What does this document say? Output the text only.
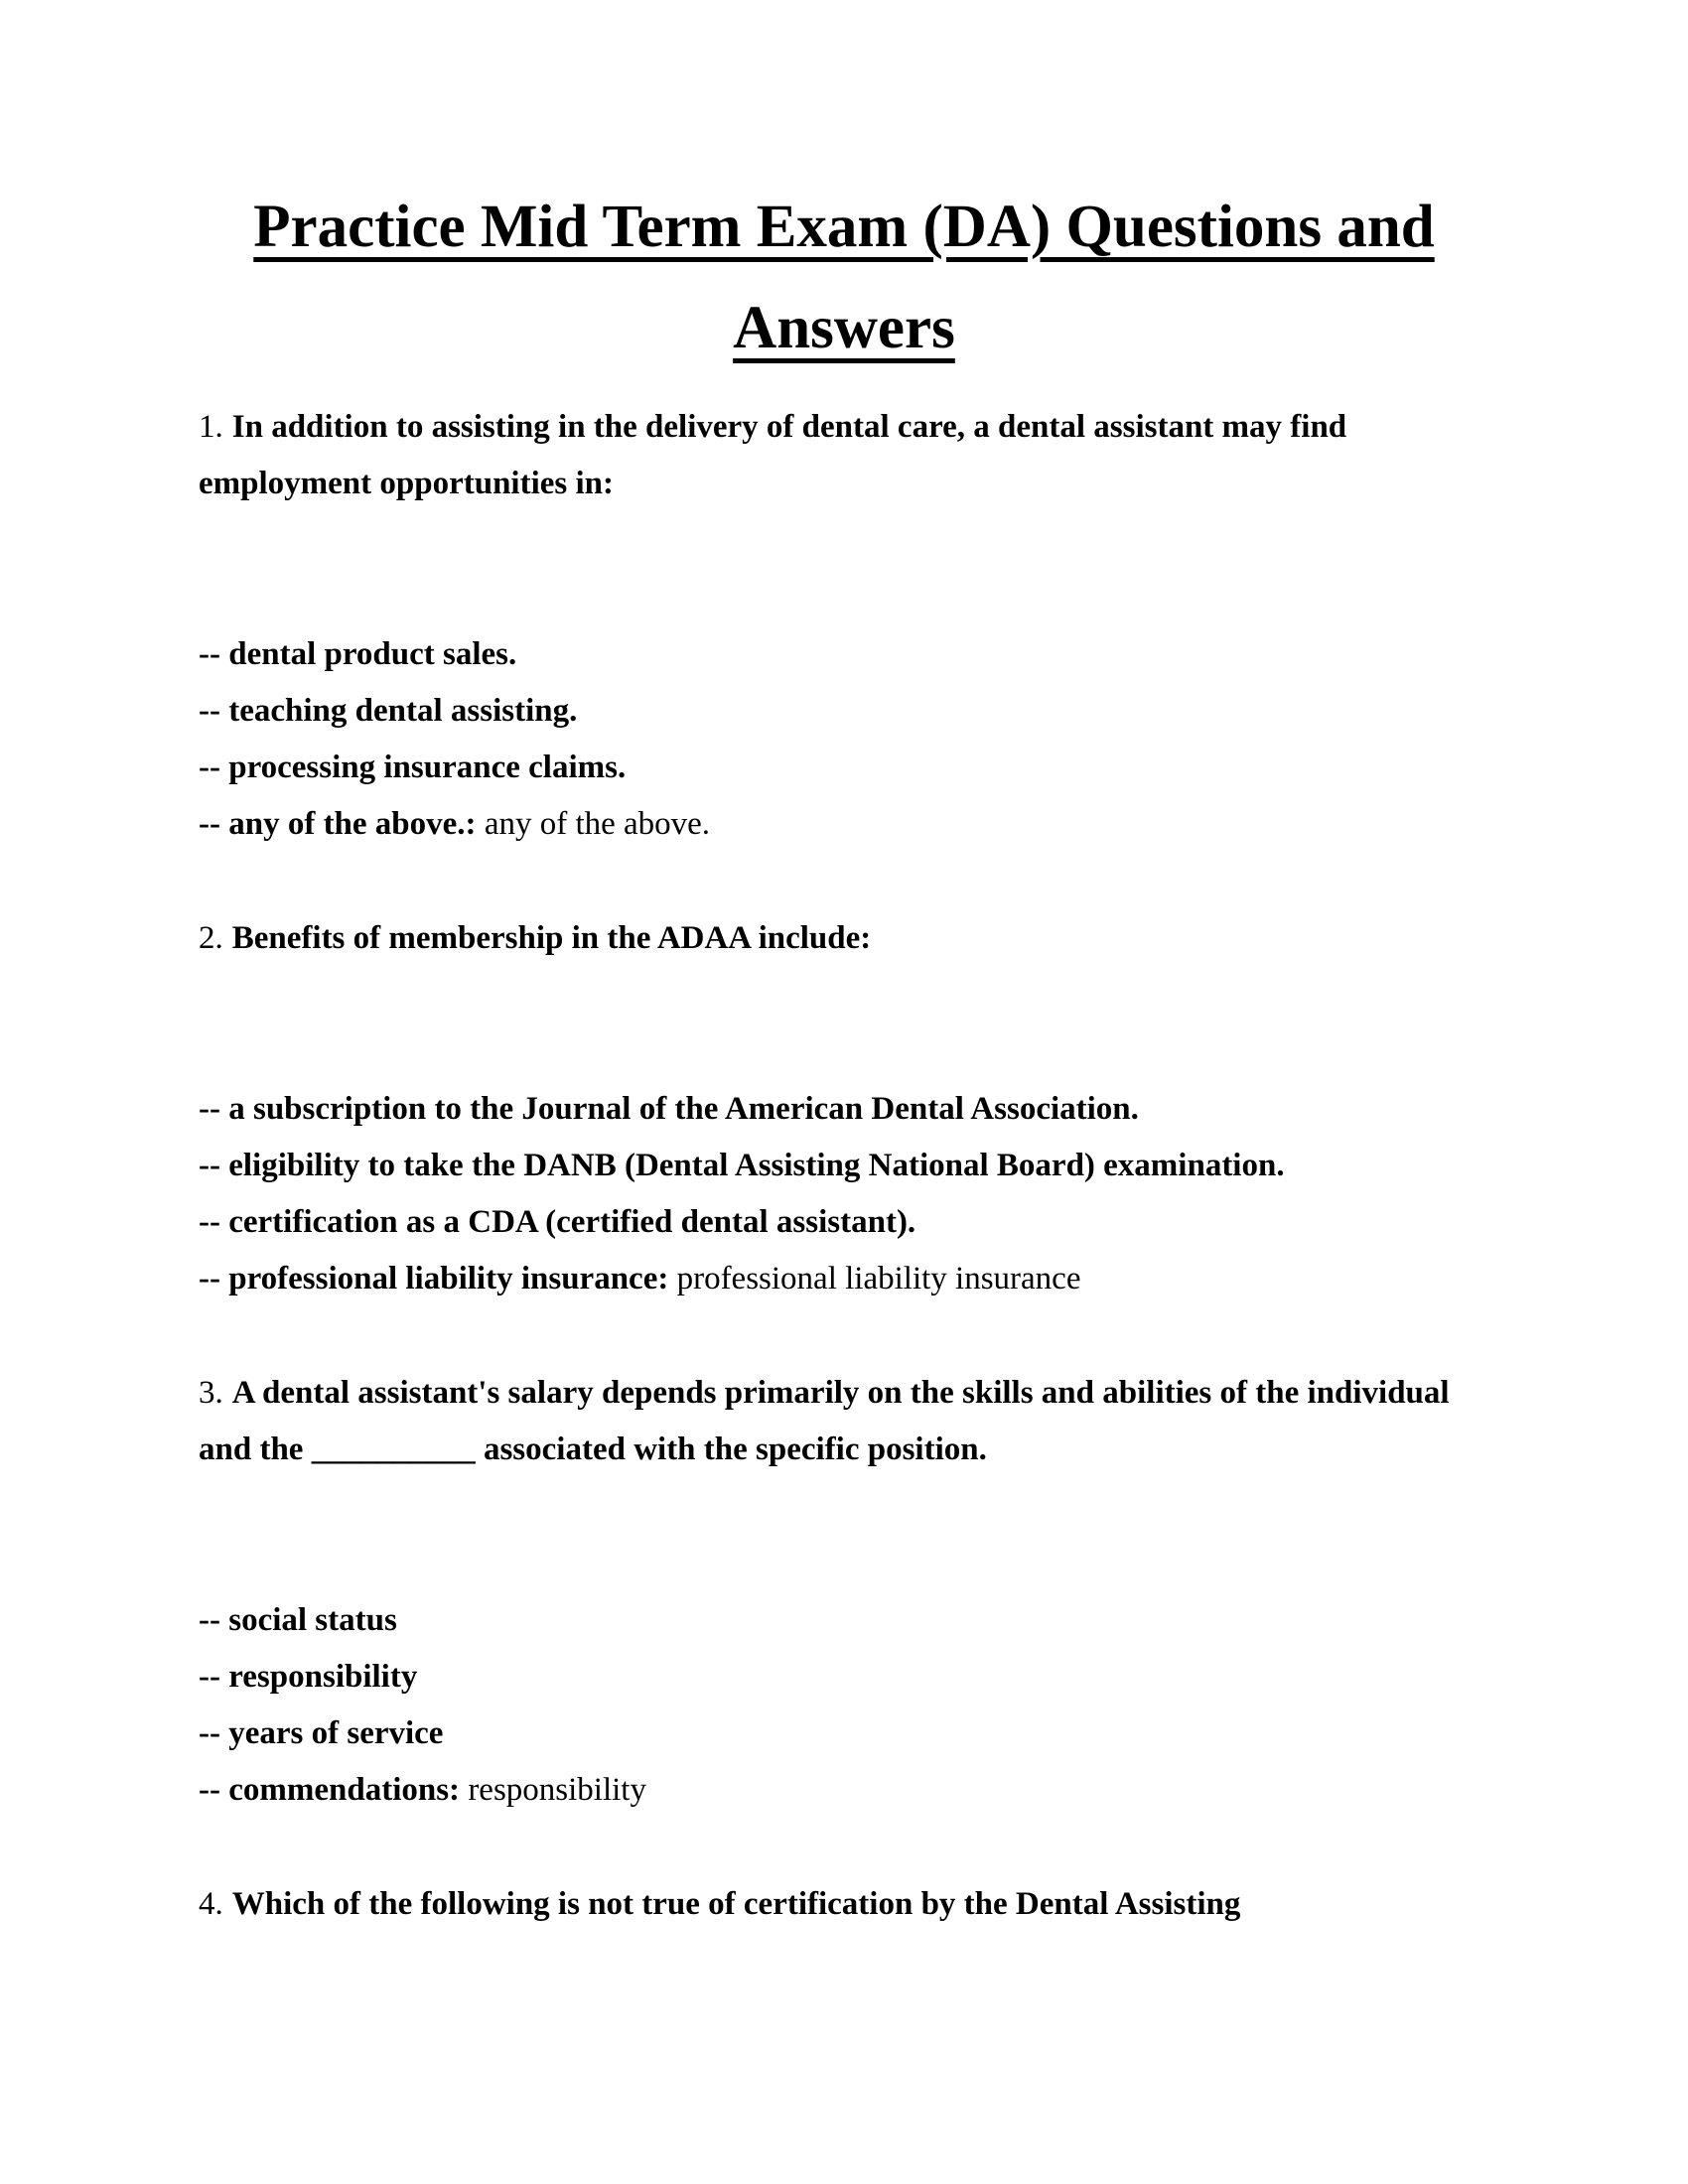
Practice Mid Term Exam (DA) Questions and
Answers

1. In addition to assisting in the delivery of dental care, a dental assistant may find

employment opportunities in:

-- dental product sales.

-- teaching dental assisting.

-- processing insurance claims.

-- any of the above.: any of the above.

2. Benefits of membership in the ADAA include:

-- a subscription to the Journal of the American Dental Association.

-- eligibility to take the DANB (Dental Assisting National Board) examination.

-- certification as a CDA (certified dental assistant).

-- professional liability insurance: professional liability insurance

3. A dental assistant's salary depends primarily on the skills and abilities of the individual

and the __________ associated with the specific position.

-- social status

-- responsibility

-- years of service

-- commendations: responsibility

4. Which of the following is not true of certification by the Dental Assisting
